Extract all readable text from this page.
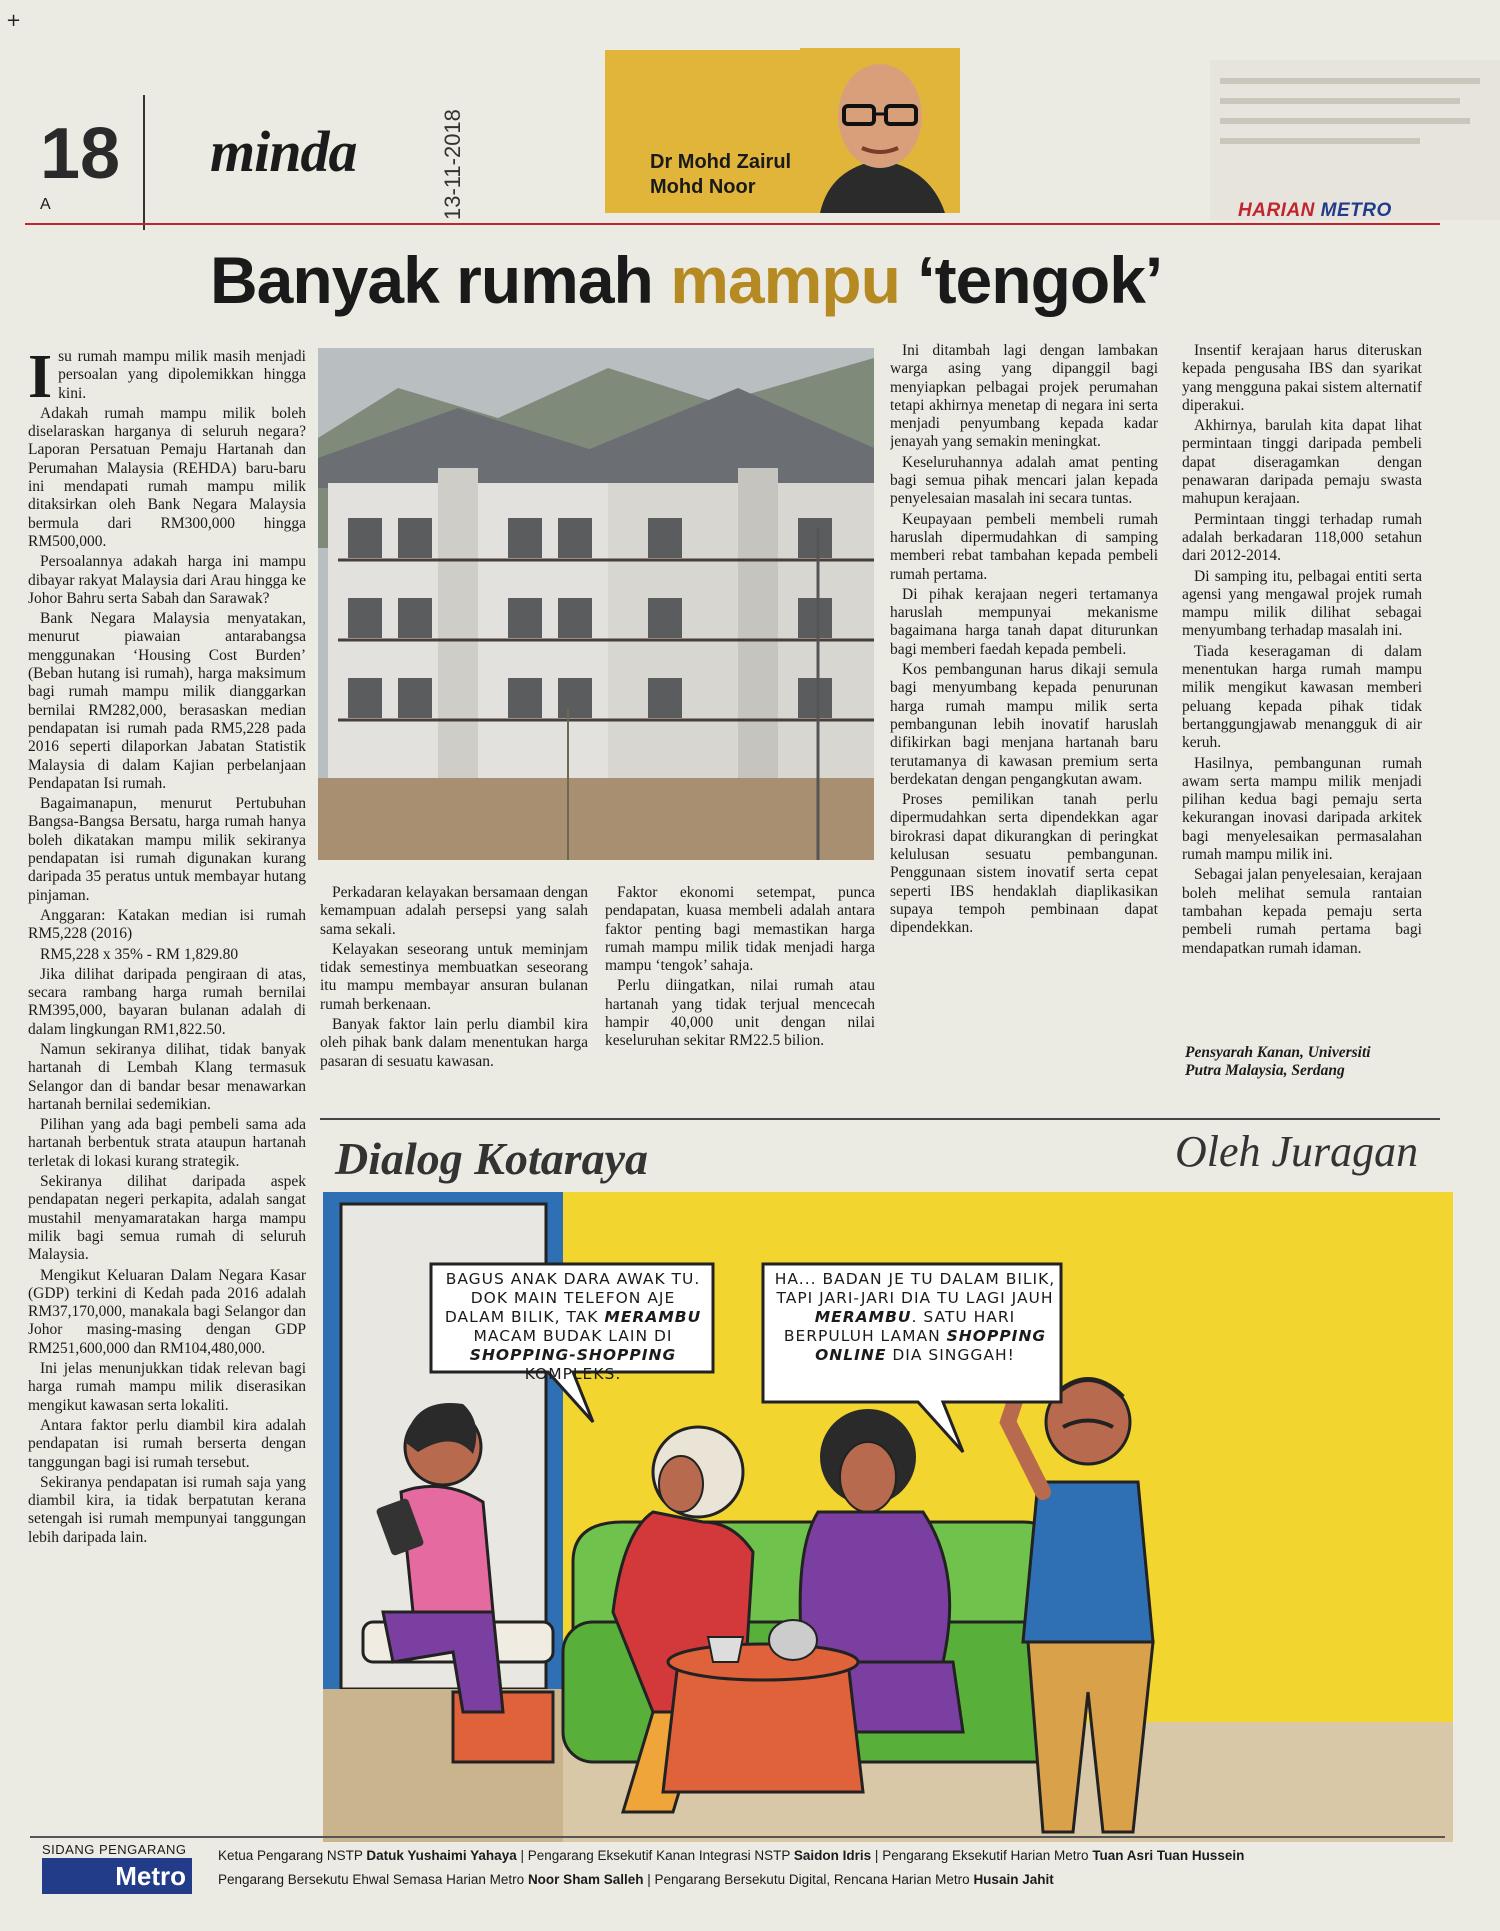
+
18
A
minda	13-11-2018	Dr Mohd Zairul
Mohd Noor
HARIAN METRO
Banyak rumah mampu ‘tengok’

Isu rumah mampu milik masih menjadi persoalan yang dipolemikkan hingga kini.

Adakah rumah mampu milik boleh diselaraskan harganya di seluruh negara? Laporan Persatuan Pemaju Hartanah dan Perumahan Malaysia (REHDA) baru-baru ini mendapati rumah mampu milik ditaksirkan oleh Bank Negara Malaysia bermula dari RM300,000 hingga RM500,000.

Persoalannya adakah harga ini mampu dibayar rakyat Malaysia dari Arau hingga ke Johor Bahru serta Sabah dan Sarawak?

Bank Negara Malaysia menyatakan, menurut piawaian antarabangsa menggunakan ‘Housing Cost Burden’ (Beban hutang isi rumah), harga maksimum bagi rumah mampu milik dianggarkan bernilai RM282,000, berasaskan median pendapatan isi rumah pada RM5,228 pada 2016 seperti dilaporkan Jabatan Statistik Malaysia di dalam Kajian perbelanjaan Pendapatan Isi rumah.

Bagaimanapun, menurut Pertubuhan Bangsa-Bangsa Bersatu, harga rumah hanya boleh dikatakan mampu milik sekiranya pendapatan isi rumah digunakan kurang daripada 35 peratus untuk membayar hutang pinjaman.

Anggaran: Katakan median isi rumah RM5,228 (2016)

RM5,228 x 35% - RM 1,829.80

Jika dilihat daripada pengiraan di atas, secara rambang harga rumah bernilai RM395,000, bayaran bulanan adalah di dalam lingkungan RM1,822.50.

Namun sekiranya dilihat, tidak banyak hartanah di Lembah Klang termasuk Selangor dan di bandar besar menawarkan hartanah bernilai sedemikian.

Pilihan yang ada bagi pembeli sama ada hartanah berbentuk strata ataupun hartanah terletak di lokasi kurang strategik.

Sekiranya dilihat daripada aspek pendapatan negeri perkapita, adalah sangat mustahil menyamaratakan harga mampu milik bagi semua rumah di seluruh Malaysia.

Mengikut Keluaran Dalam Negara Kasar (GDP) terkini di Kedah pada 2016 adalah RM37,170,000, manakala bagi Selangor dan Johor masing-masing dengan GDP RM251,600,000 dan RM104,480,000.

Ini jelas menunjukkan tidak relevan bagi harga rumah mampu milik diserasikan mengikut kawasan serta lokaliti.

Antara faktor perlu diambil kira adalah pendapatan isi rumah berserta dengan tanggungan bagi isi rumah tersebut.

Sekiranya pendapatan isi rumah saja yang diambil kira, ia tidak berpatutan kerana setengah isi rumah mempunyai tanggungan lebih daripada lain.

Perkadaran kelayakan bersamaan dengan kemampuan adalah persepsi yang salah sama sekali.

Kelayakan seseorang untuk meminjam tidak semestinya membuatkan seseorang itu mampu membayar ansuran bulanan rumah berkenaan.

Banyak faktor lain perlu diambil kira oleh pihak bank dalam menentukan harga pasaran di sesuatu kawasan.

Faktor ekonomi setempat, punca pendapatan, kuasa membeli adalah antara faktor penting bagi memastikan harga rumah mampu milik tidak menjadi harga mampu ‘tengok’ sahaja.

Perlu diingatkan, nilai rumah atau hartanah yang tidak terjual mencecah hampir 40,000 unit dengan nilai keseluruhan sekitar RM22.5 bilion.

Ini ditambah lagi dengan lambakan warga asing yang dipanggil bagi menyiapkan pelbagai projek perumahan tetapi akhirnya menetap di negara ini serta menjadi penyumbang kepada kadar jenayah yang semakin meningkat.

Keseluruhannya adalah amat penting bagi semua pihak mencari jalan kepada penyelesaian masalah ini secara tuntas.

Keupayaan pembeli membeli rumah haruslah dipermudahkan di samping memberi rebat tambahan kepada pembeli rumah pertama.

Di pihak kerajaan negeri tertamanya haruslah mempunyai mekanisme bagaimana harga tanah dapat diturunkan bagi memberi faedah kepada pembeli.

Kos pembangunan harus dikaji semula bagi menyumbang kepada penurunan harga rumah mampu milik serta pembangunan lebih inovatif haruslah difikirkan bagi menjana hartanah baru terutamanya di kawasan premium serta berdekatan dengan pengangkutan awam.

Proses pemilikan tanah perlu dipermudahkan serta dipendekkan agar birokrasi dapat dikurangkan di peringkat kelulusan sesuatu pembangunan. Penggunaan sistem inovatif serta cepat seperti IBS hendaklah diaplikasikan supaya tempoh pembinaan dapat dipendekkan.

Insentif kerajaan harus diteruskan kepada pengusaha IBS dan syarikat yang mengguna pakai sistem alternatif diperakui.

Akhirnya, barulah kita dapat lihat permintaan tinggi daripada pembeli dapat diseragamkan dengan penawaran daripada pemaju swasta mahupun kerajaan.

Permintaan tinggi terhadap rumah adalah berkadaran 118,000 setahun dari 2012-2014.

Di samping itu, pelbagai entiti serta agensi yang mengawal projek rumah mampu milik dilihat sebagai menyumbang terhadap masalah ini.

Tiada keseragaman di dalam menentukan harga rumah mampu milik mengikut kawasan memberi peluang kepada pihak tidak bertanggungjawab menangguk di air keruh.

Hasilnya, pembangunan rumah awam serta mampu milik menjadi pilihan kedua bagi pemaju serta kekurangan inovasi daripada arkitek bagi menyelesaikan permasalahan rumah mampu milik ini.

Sebagai jalan penyelesaian, kerajaan boleh melihat semula rantaian tambahan kepada pemaju serta pembeli rumah pertama bagi mendapatkan rumah idaman.

Pensyarah Kanan, Universiti
Putra Malaysia, Serdang
Dialog Kotaraya	Oleh Juragan
BAGUS ANAK DARA AWAK TU. DOK MAIN TELEFON AJE DALAM BILIK, TAK MERAMBU MACAM BUDAK LAIN DI SHOPPING-SHOPPING KOMPLEKS.
HA... BADAN JE TU DALAM BILIK, TAPI JARI-JARI DIA TU LAGI JAUH MERAMBU. SATU HARI BERPULUH LAMAN SHOPPING ONLINE DIA SINGGAH!
SIDANG PENGARANG
Metro
Ketua Pengarang NSTP Datuk Yushaimi Yahaya | Pengarang Eksekutif Kanan Integrasi NSTP Saidon Idris | Pengarang Eksekutif Harian Metro Tuan Asri Tuan Hussein
Pengarang Bersekutu Ehwal Semasa Harian Metro Noor Sham Salleh | Pengarang Bersekutu Digital, Rencana Harian Metro Husain Jahit
